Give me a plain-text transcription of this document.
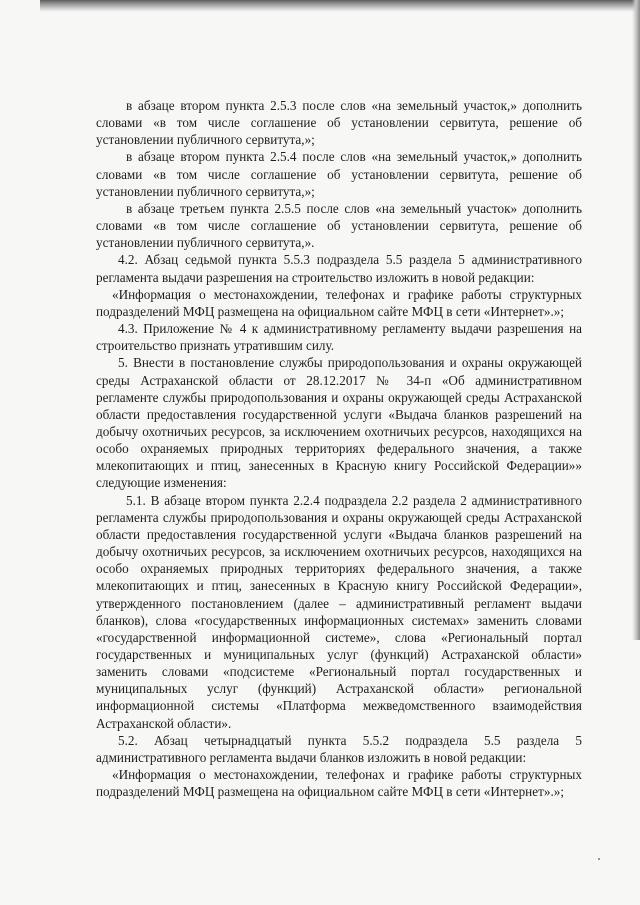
в абзаце втором пункта 2.5.3 после слов «на земельный участок,» дополнить словами «в том числе соглашение об установлении сервитута, решение об установлении публичного сервитута,»;

в абзаце втором пункта 2.5.4 после слов «на земельный участок,» дополнить словами «в том числе соглашение об установлении сервитута, решение об установлении публичного сервитута,»;

в абзаце третьем пункта 2.5.5 после слов «на земельный участок» дополнить словами «в том числе соглашение об установлении сервитута, решение об установлении публичного сервитута,».

4.2. Абзац седьмой пункта 5.5.3 подраздела 5.5 раздела 5 административного регламента выдачи разрешения на строительство изложить в новой редакции:

«Информация о местонахождении, телефонах и графике работы структурных подразделений МФЦ размещена на официальном сайте МФЦ в сети «Интернет».»;

4.3. Приложение № 4 к административному регламенту выдачи разрешения на строительство признать утратившим силу.

5. Внести в постановление службы природопользования и охраны окружающей среды Астраханской области от 28.12.2017 № 34-п «Об административном регламенте службы природопользования и охраны окружающей среды Астраханской области предоставления государственной услуги «Выдача бланков разрешений на добычу охотничьих ресурсов, за исключением охотничьих ресурсов, находящихся на особо охраняемых природных территориях федерального значения, а также млекопитающих и птиц, занесенных в Красную книгу Российской Федерации»» следующие изменения:

5.1. В абзаце втором пункта 2.2.4 подраздела 2.2 раздела 2 административного регламента службы природопользования и охраны окружающей среды Астраханской области предоставления государственной услуги «Выдача бланков разрешений на добычу охотничьих ресурсов, за исключением охотничьих ресурсов, находящихся на особо охраняемых природных территориях федерального значения, а также млекопитающих и птиц, занесенных в Красную книгу Российской Федерации», утвержденного постановлением (далее – административный регламент выдачи бланков), слова «государственных информационных системах» заменить словами «государственной информационной системе», слова «Региональный портал государственных и муниципальных услуг (функций) Астраханской области» заменить словами «подсистеме «Региональный портал государственных и муниципальных услуг (функций) Астраханской области» региональной информационной системы «Платформа межведомственного взаимодействия Астраханской области».

5.2. Абзац четырнадцатый пункта 5.5.2 подраздела 5.5 раздела 5 административного регламента выдачи бланков изложить в новой редакции:

«Информация о местонахождении, телефонах и графике работы структурных подразделений МФЦ размещена на официальном сайте МФЦ в сети «Интернет».»;
